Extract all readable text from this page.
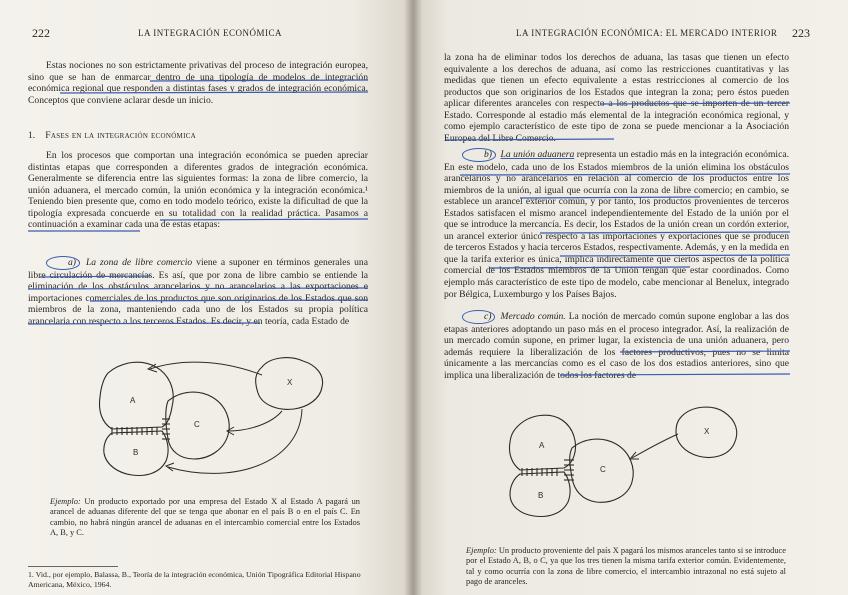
222	LA INTEGRACIÓN ECONÓMICA

Estas nociones no son estrictamente privativas del proceso de integración europea, sino que se han de enmarcar dentro de una tipología de modelos de integración económica regional que responden a distintas fases y grados de integración económica. Conceptos que conviene aclarar desde un inicio.

1. Fases en la integración económica

En los procesos que comportan una integración económica se pueden apreciar distintas etapas que corresponden a diferentes grados de integración económica. Generalmente se diferencia entre las siguientes formas: la zona de libre comercio, la unión aduanera, el mercado común, la unión económica y la integración económica.¹ Teniendo bien presente que, como en todo modelo teórico, existe la dificultad de que la tipología expresada concuerde en su totalidad con la realidad práctica. Pasamos a continuación a examinar cada una de estas etapas:

a) La zona de libre comercio viene a suponer en términos generales una libre circulación de mercancías. Es así, que por zona de libre cambio se entiende la eliminación de los obstáculos arancelarios y no arancelarios a las exportaciones e importaciones comerciales de los productos que son originarios de los Estados que son miembros de la zona, manteniendo cada uno de los Estados su propia política arancelaria con respecto a los terceros Estados. Es decir, y en teoría, cada Estado de

X
A
C
B
Ejemplo: Un producto exportado por una empresa del Estado X al Estado A pagará un arancel de aduanas diferente del que se tenga que abonar en el país B o en el país C. En cambio, no habrá ningún arancel de aduanas en el intercambio comercial entre los Estados A, B, y C.
1. Vid., por ejemplo, Balassa, B., Teoría de la integración económica, Unión Tipográfica Editorial Hispano Americana, México, 1964.
LA INTEGRACIÓN ECONÓMICA: EL MERCADO INTERIOR 223

la zona ha de eliminar todos los derechos de aduana, las tasas que tienen un efecto equivalente a los derechos de aduana, así como las restricciones cuantitativas y las medidas que tienen un efecto equivalente a estas restricciones al comercio de los productos que son originarios de los Estados que integran la zona; pero éstos pueden aplicar diferentes aranceles con respecto a los productos que se importen de un tercer Estado. Corresponde al estadio más elemental de la integración económica regional, y como ejemplo característico de este tipo de zona se puede mencionar a la Asociación Europea del Libre Comercio.

b) La unión aduanera representa un estadio más en la integración económica. En este modelo, cada uno de los Estados miembros de la unión elimina los obstáculos arancelarios y no arancelarios en relación al comercio de los productos entre los miembros de la unión, al igual que ocurría con la zona de libre comercio; en cambio, se establece un arancel exterior común, y por tanto, los productos provenientes de terceros Estados satisfacen el mismo arancel independientemente del Estado de la unión por el que se introduce la mercancía. Es decir, los Estados de la unión crean un cordón exterior, un arancel exterior único respecto a las importaciones y exportaciones que se producen de terceros Estados y hacia terceros Estados, respectivamente. Además, y en la medida en que la tarifa exterior es única, implica indirectamente que ciertos aspectos de la política comercial de los Estados miembros de la Unión tengan que estar coordinados. Como ejemplo más característico de este tipo de modelo, cabe mencionar al Benelux, integrado por Bélgica, Luxemburgo y los Países Bajos.

c) Mercado común. La noción de mercado común supone englobar a las dos etapas anteriores adoptando un paso más en el proceso integrador. Así, la realización de un mercado común supone, en primer lugar, la existencia de una unión aduanera, pero además requiere la liberalización de los factores productivos, pues no se limita únicamente a las mercancías como es el caso de los dos estadios anteriores, sino que implica una liberalización de todos los factores de

X
A
C
B
Ejemplo: Un producto proveniente del país X pagará los mismos aranceles tanto si se introduce por el Estado A, B, o C, ya que los tres tienen la misma tarifa exterior común. Evidentemente, tal y como ocurría con la zona de libre comercio, el intercambio intrazonal no está sujeto al pago de aranceles.
